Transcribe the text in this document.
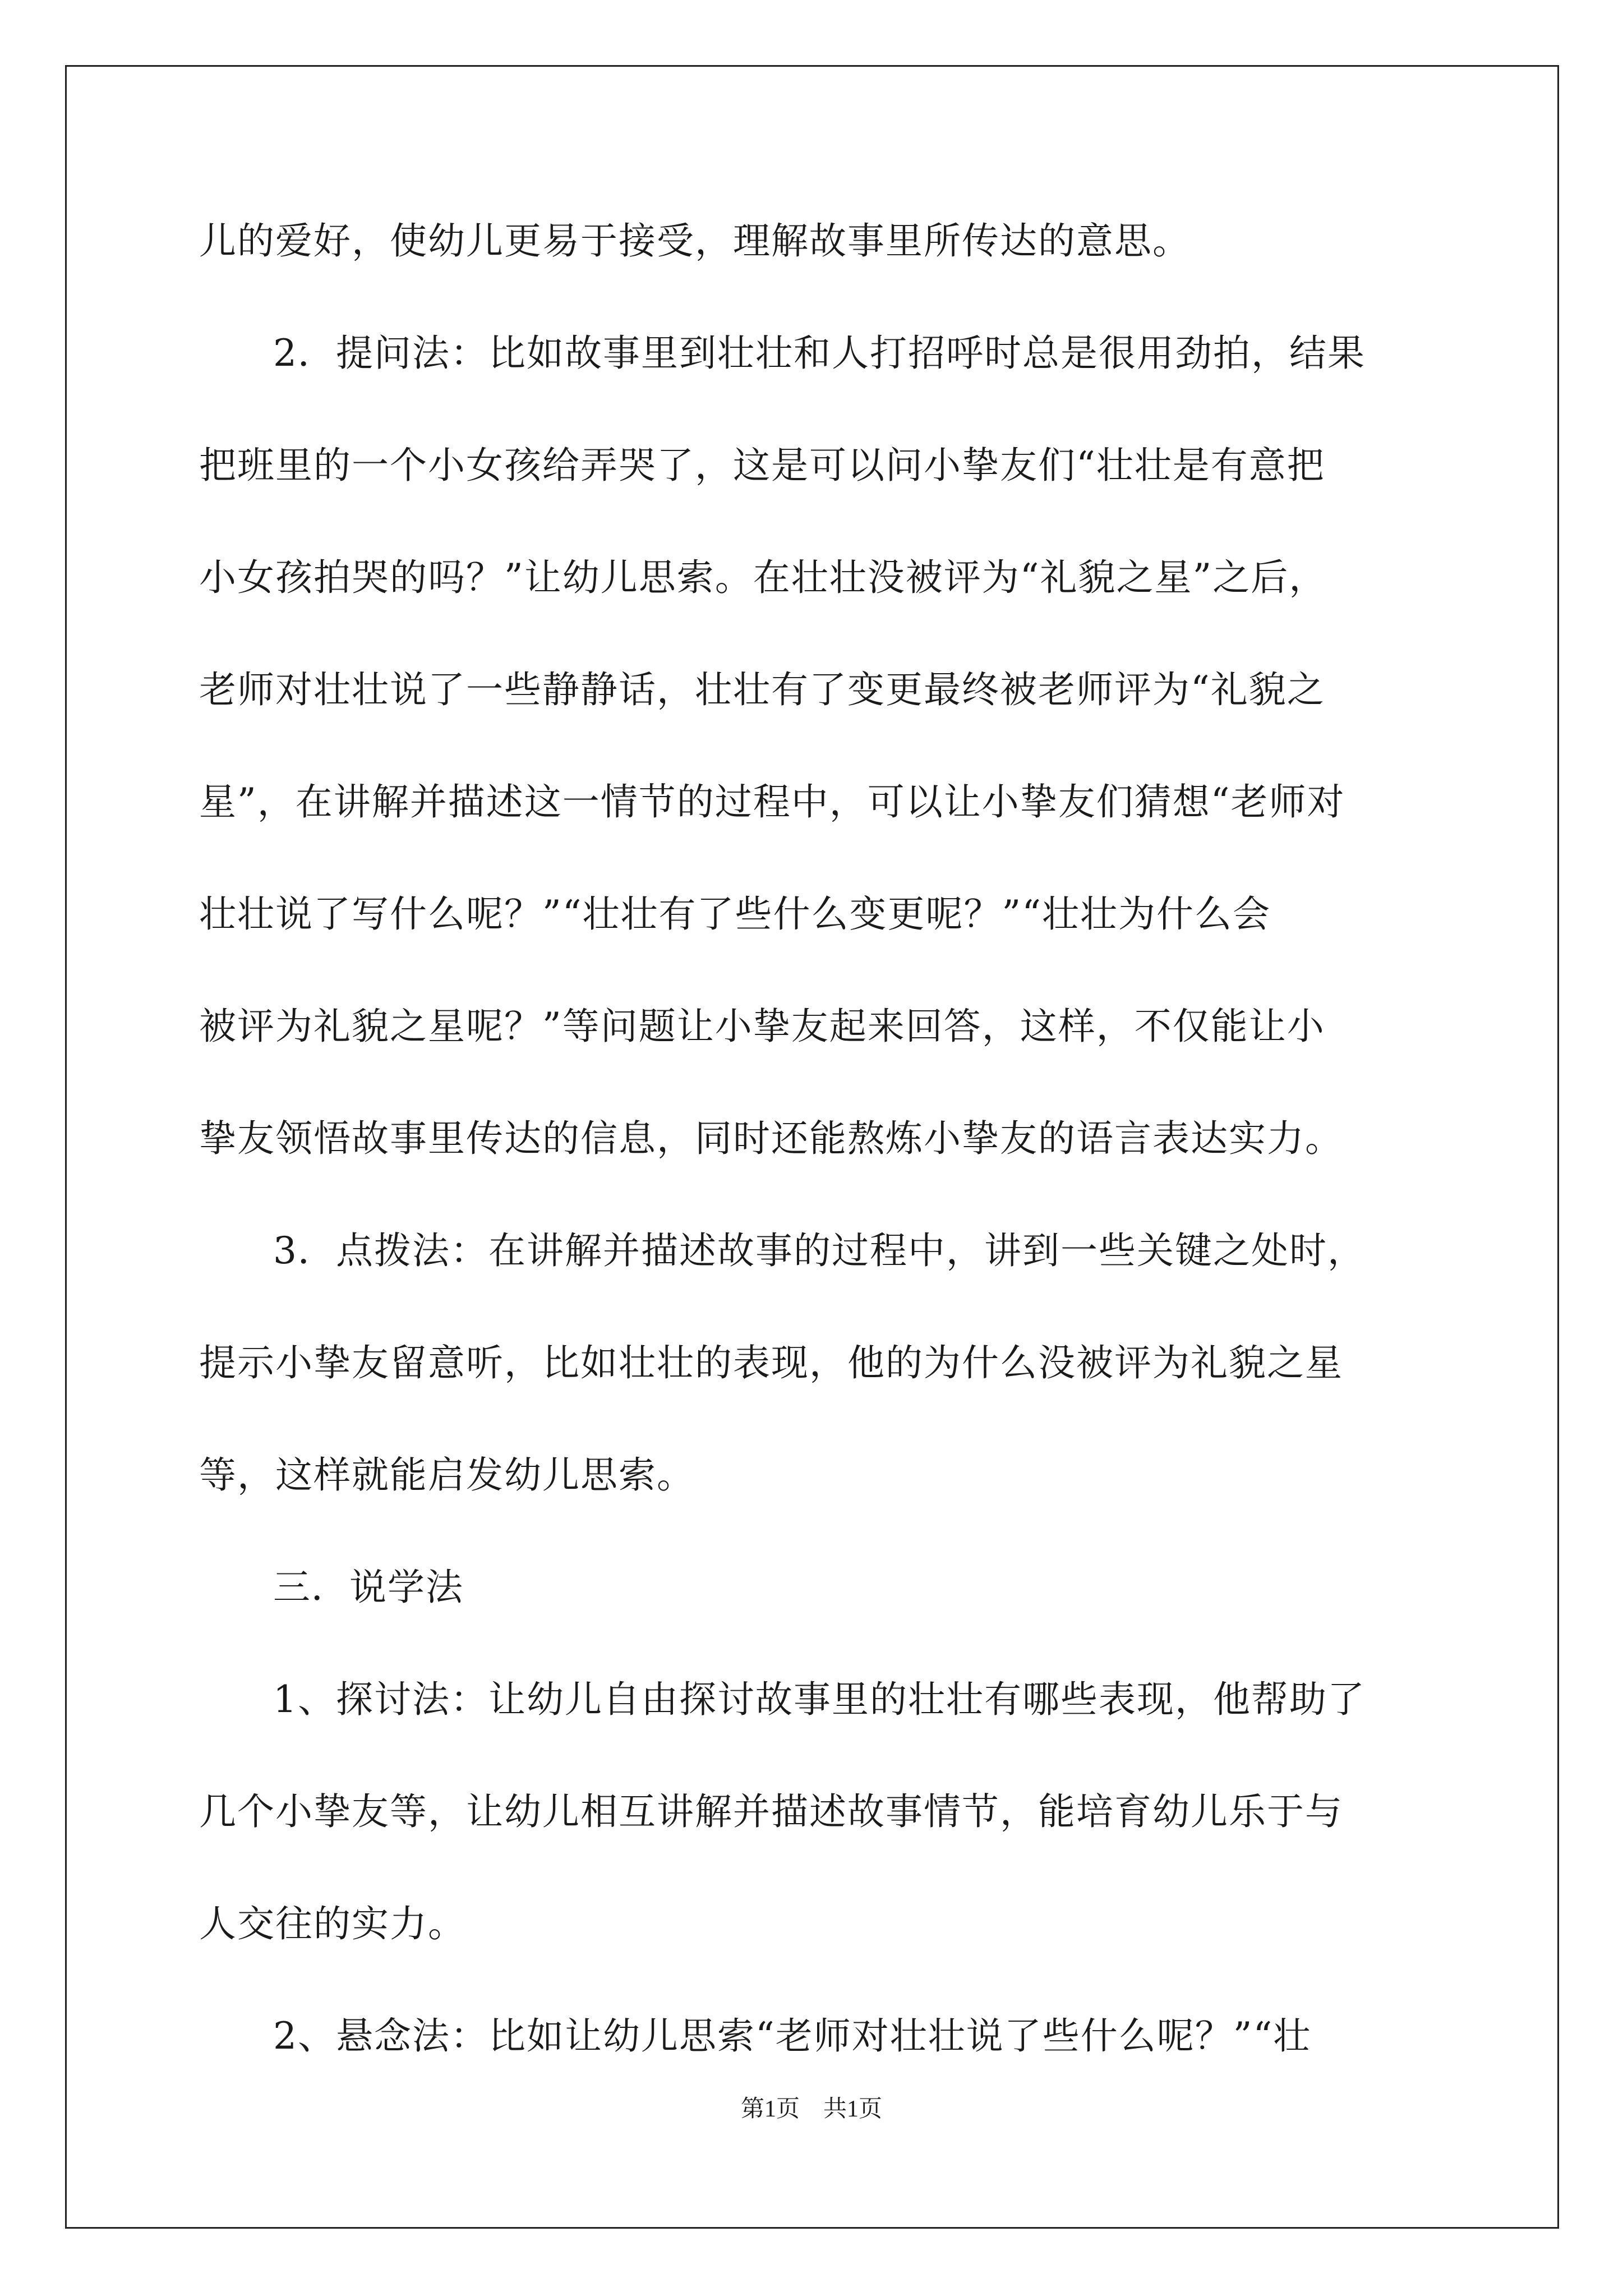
儿的爱好，使幼儿更易于接受，理解故事里所传达的意思。
2．提问法：比如故事里到壮壮和人打招呼时总是很用劲拍，结果
把班里的一个小女孩给弄哭了，这是可以问小挚友们“壮壮是有意把
小女孩拍哭的吗？”让幼儿思索。在壮壮没被评为“礼貌之星”之后，
老师对壮壮说了一些静静话，壮壮有了变更最终被老师评为“礼貌之
星”，在讲解并描述这一情节的过程中，可以让小挚友们猜想“老师对
壮壮说了写什么呢？”“壮壮有了些什么变更呢？”“壮壮为什么会
被评为礼貌之星呢？”等问题让小挚友起来回答，这样，不仅能让小
挚友领悟故事里传达的信息，同时还能熬炼小挚友的语言表达实力。
3．点拨法：在讲解并描述故事的过程中，讲到一些关键之处时，
提示小挚友留意听，比如壮壮的表现，他的为什么没被评为礼貌之星
等，这样就能启发幼儿思索。
三．说学法
1、探讨法：让幼儿自由探讨故事里的壮壮有哪些表现，他帮助了
几个小挚友等，让幼儿相互讲解并描述故事情节，能培育幼儿乐于与
人交往的实力。
2、悬念法：比如让幼儿思索“老师对壮壮说了些什么呢？”“壮
第1页　共1页
